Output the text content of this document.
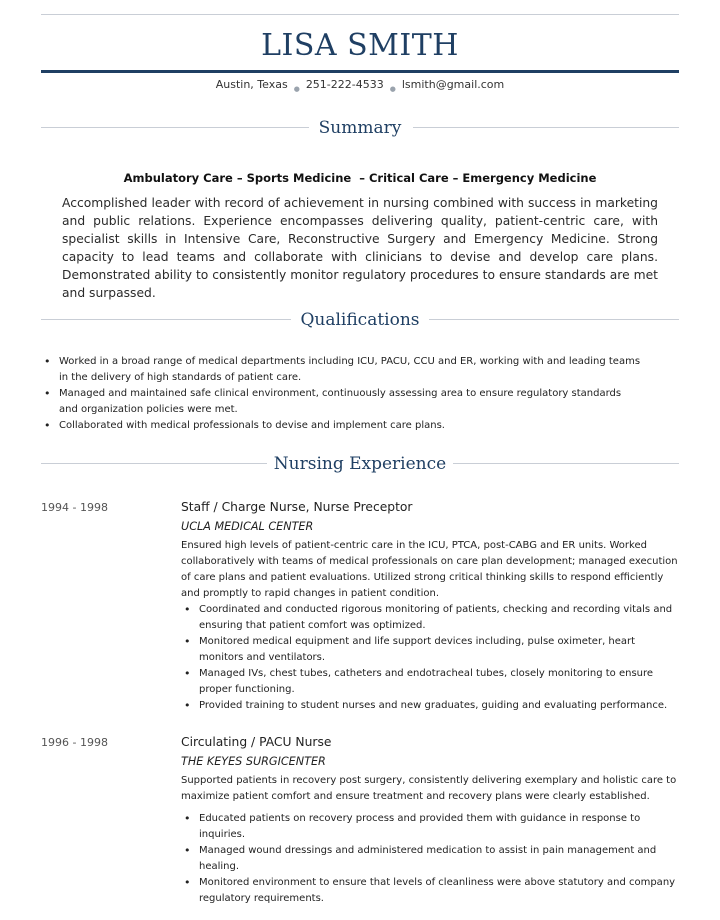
LISA SMITH
Austin, Texas $_●$ 251-222-4533 $_●$ lsmith@gmail.com
Summary
Ambulatory Care – Sports Medicine  – Critical Care – Emergency Medicine

Accomplished leader with record of achievement in nursing combined with success in marketing and public relations. Experience encompasses delivering quality, patient-centric care, with specialist skills in Intensive Care, Reconstructive Surgery and Emergency Medicine. Strong capacity to lead teams and collaborate with clinicians to devise and develop care plans. Demonstrated ability to consistently monitor regulatory procedures to ensure standards are met and surpassed.

Qualifications
• Worked in a broad range of medical departments including ICU, PACU, CCU and ER, working with and leading teams in the delivery of high standards of patient care.
• Managed and maintained safe clinical environment, continuously assessing area to ensure regulatory standards and organization policies were met.
• Collaborated with medical professionals to devise and implement care plans.
Nursing Experience
1994 - 1998	Staff / Charge Nurse, Nurse Preceptor
UCLA MEDICAL CENTER

Ensured high levels of patient-centric care in the ICU, PTCA, post-CABG and ER units. Worked collaboratively with teams of medical professionals on care plan development; managed execution of care plans and patient evaluations. Utilized strong critical thinking skills to respond efficiently and promptly to rapid changes in patient condition.

• Coordinated and conducted rigorous monitoring of patients, checking and recording vitals and ensuring that patient comfort was optimized.
• Monitored medical equipment and life support devices including, pulse oximeter, heart monitors and ventilators.
• Managed IVs, chest tubes, catheters and endotracheal tubes, closely monitoring to ensure proper functioning.
• Provided training to student nurses and new graduates, guiding and evaluating performance.
1996 - 1998	Circulating / PACU Nurse
THE KEYES SURGICENTER

Supported patients in recovery post surgery, consistently delivering exemplary and holistic care to maximize patient comfort and ensure treatment and recovery plans were clearly established.

• Educated patients on recovery process and provided them with guidance in response to inquiries.
• Managed wound dressings and administered medication to assist in pain management and healing.
• Monitored environment to ensure that levels of cleanliness were above statutory and company regulatory requirements.
